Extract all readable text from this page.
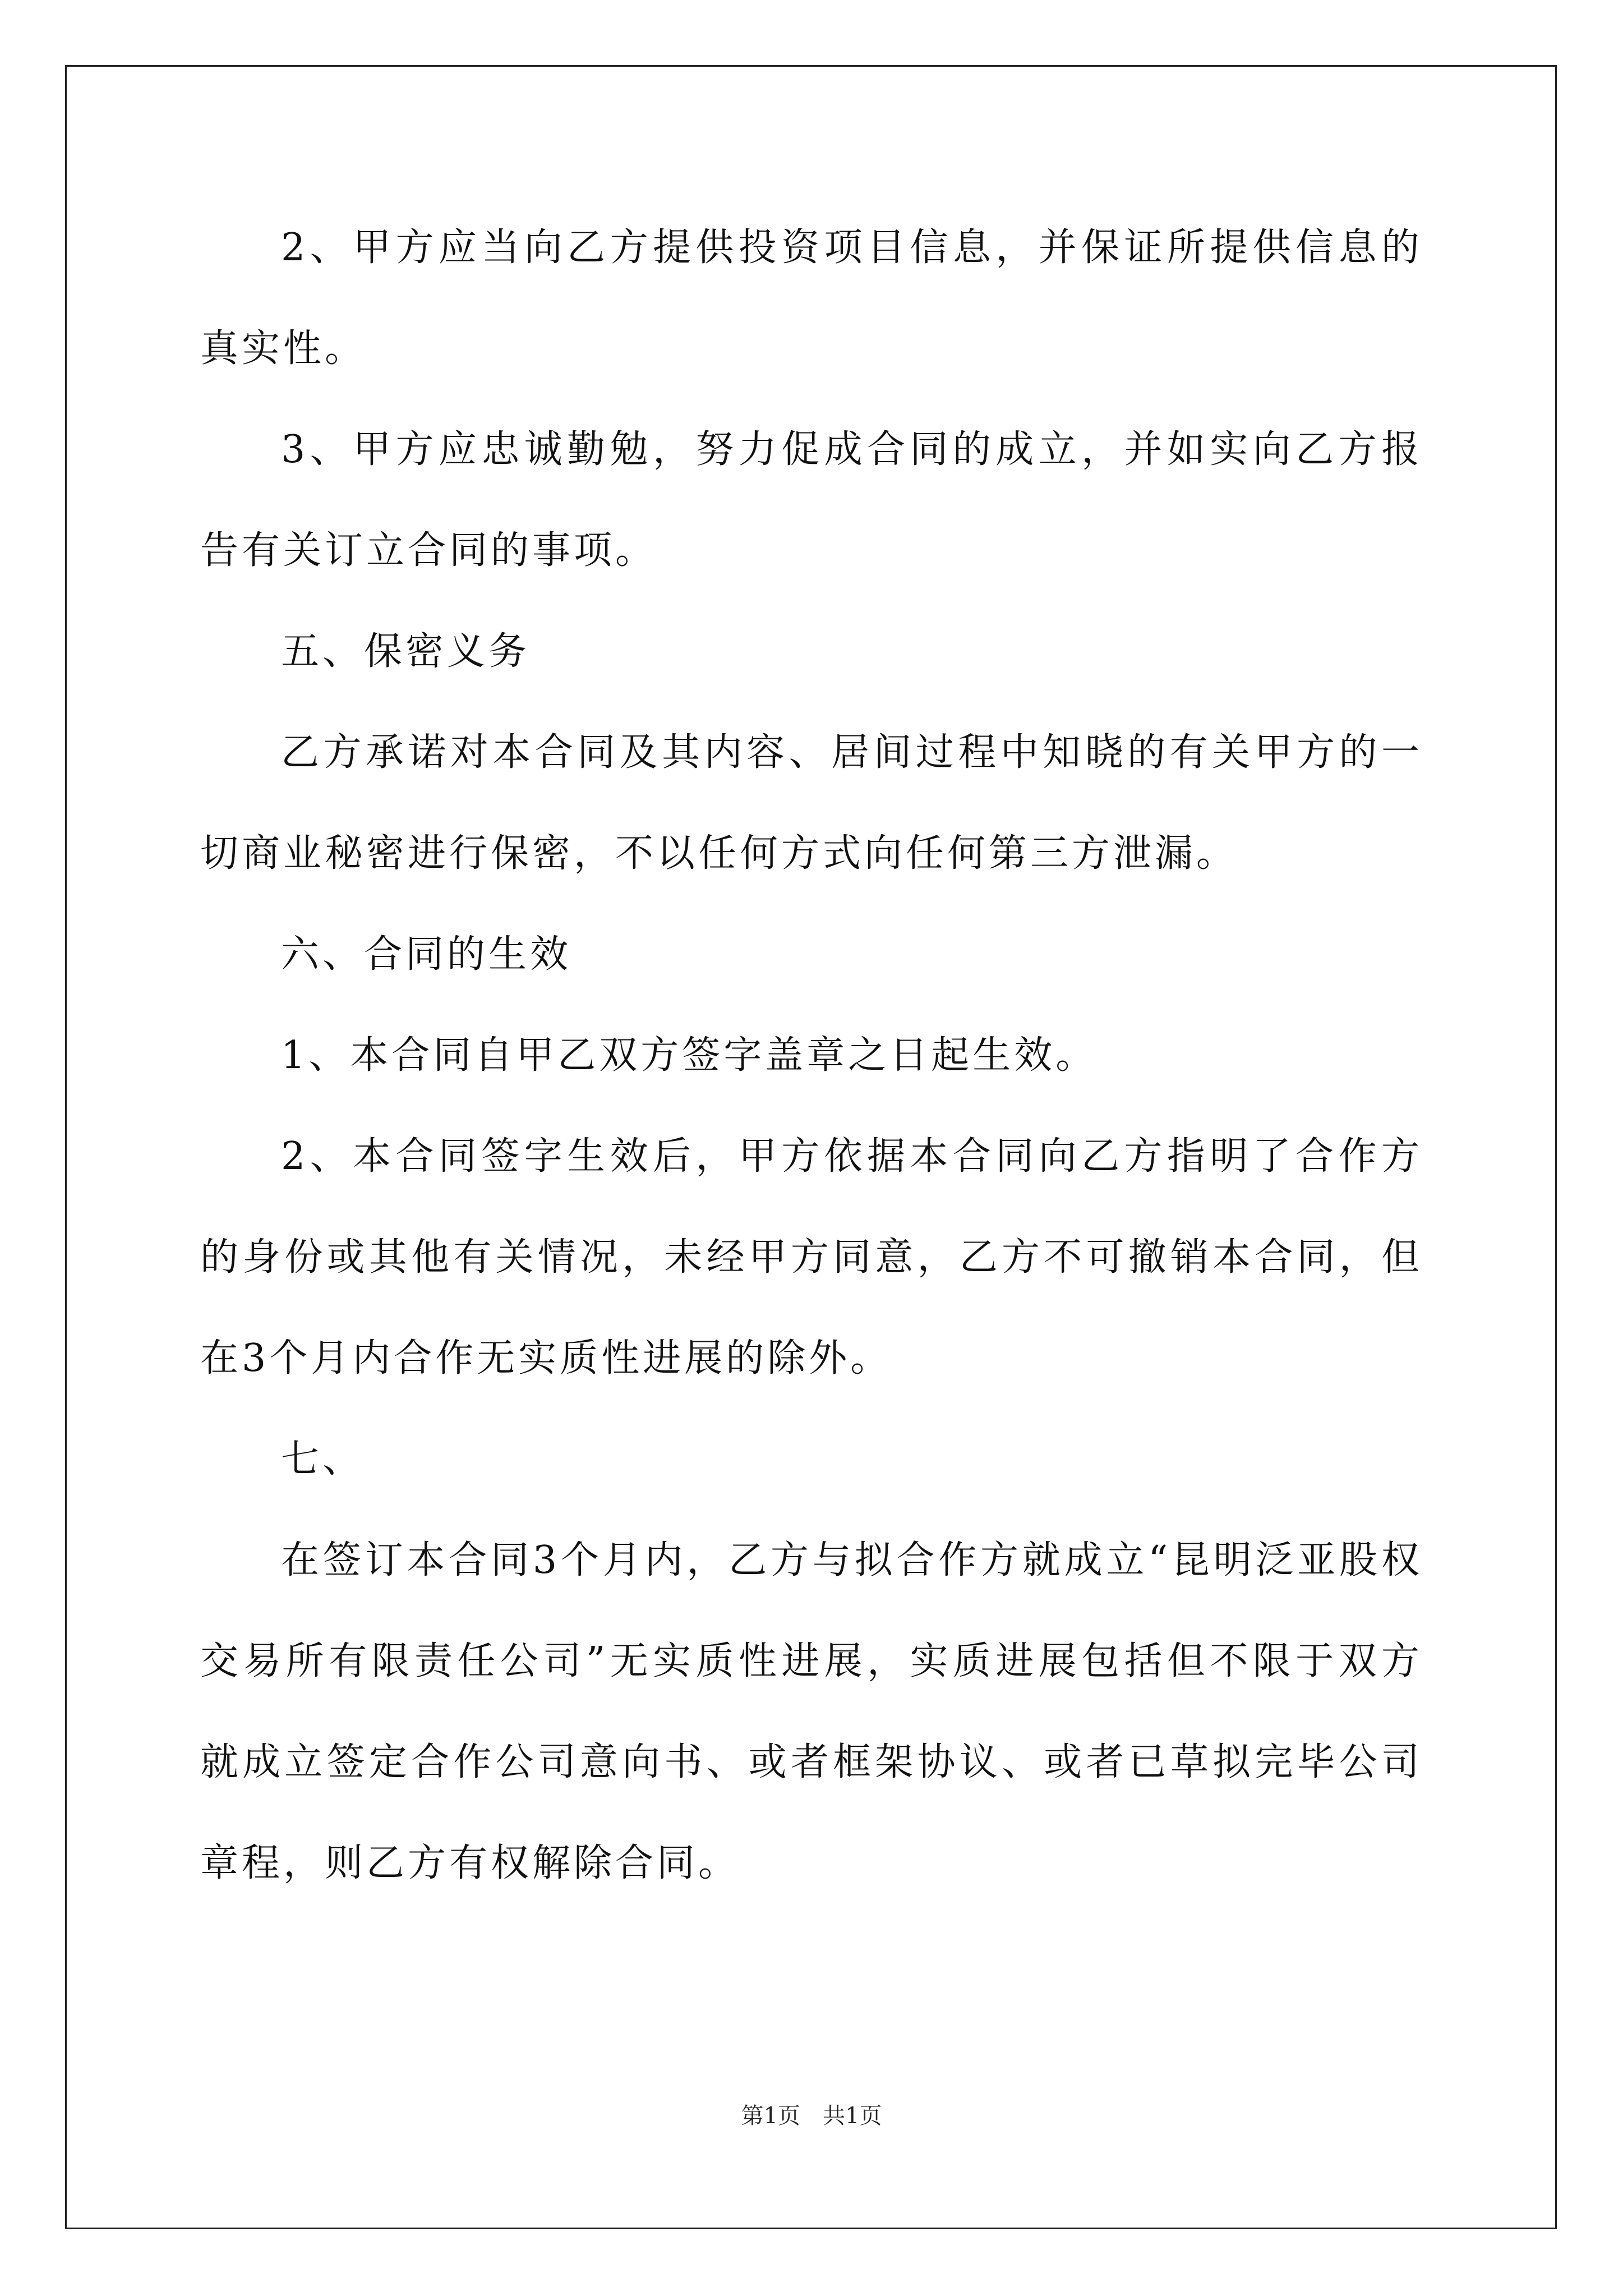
2、甲方应当向乙方提供投资项目信息，并保证所提供信息的真实性。

3、甲方应忠诚勤勉，努力促成合同的成立，并如实向乙方报告有关订立合同的事项。

五、保密义务

乙方承诺对本合同及其内容、居间过程中知晓的有关甲方的一切商业秘密进行保密，不以任何方式向任何第三方泄漏。

六、合同的生效

1、本合同自甲乙双方签字盖章之日起生效。

2、本合同签字生效后，甲方依据本合同向乙方指明了合作方的身份或其他有关情况，未经甲方同意，乙方不可撤销本合同，但在3个月内合作无实质性进展的除外。

七、

在签订本合同3个月内，乙方与拟合作方就成立“昆明泛亚股权交易所有限责任公司”无实质性进展，实质进展包括但不限于双方就成立签定合作公司意向书、或者框架协议、或者已草拟完毕公司章程，则乙方有权解除合同。

第1页　共1页
